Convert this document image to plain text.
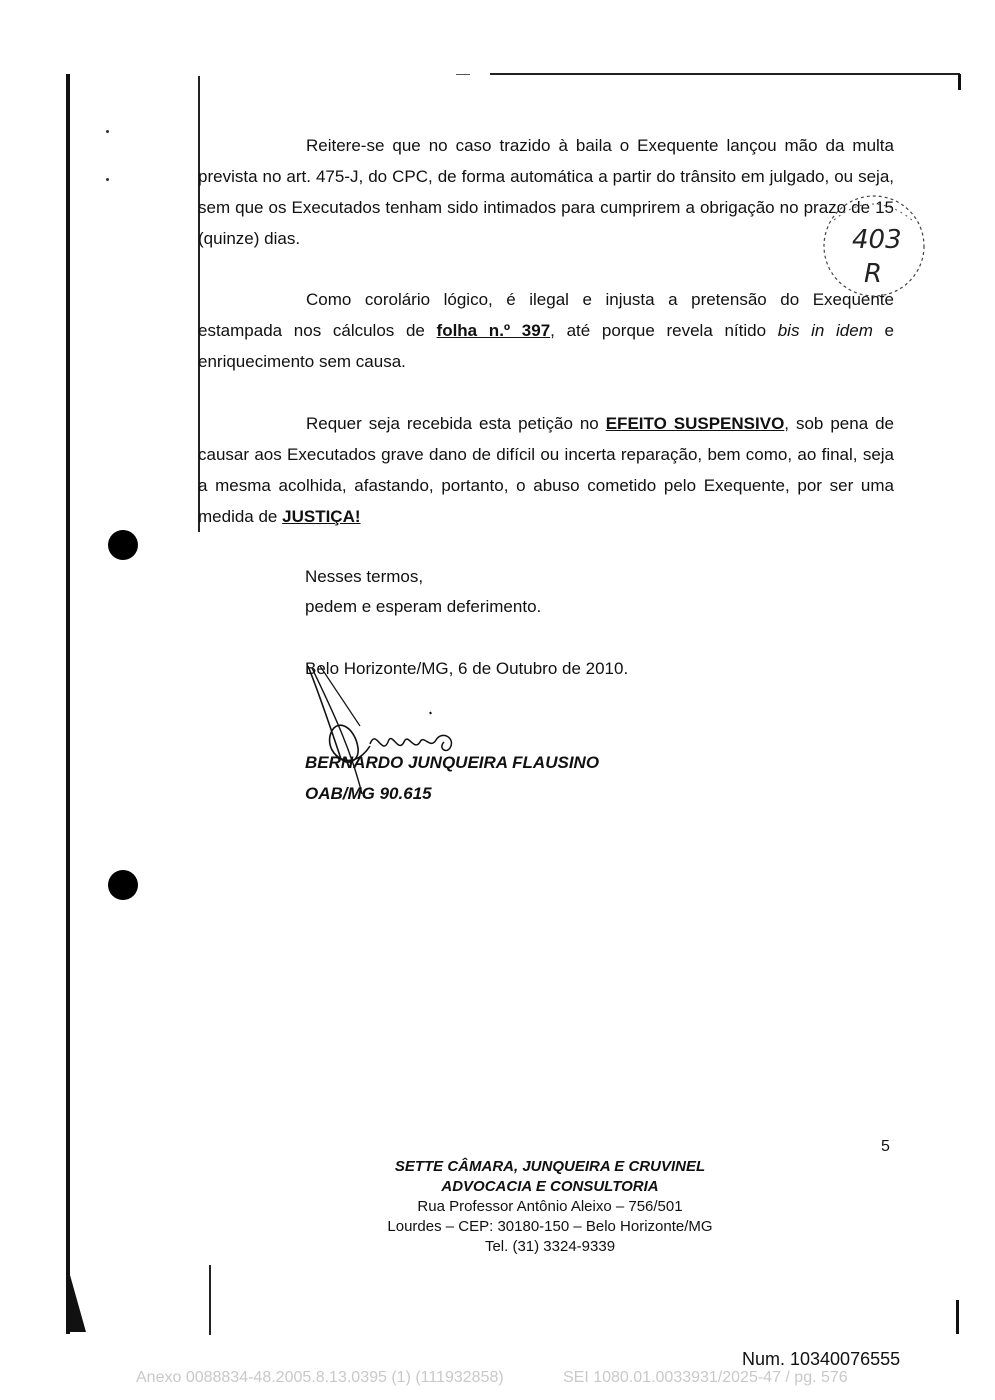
Reitere-se que no caso trazido à baila o Exequente lançou mão da multa prevista no art. 475-J, do CPC, de forma automática a partir do trânsito em julgado, ou seja, sem que os Executados tenham sido intimados para cumprirem a obrigação no prazo de 15 (quinze) dias.	403
R

Como corolário lógico, é ilegal e injusta a pretensão do Exequente estampada nos cálculos de folha n.º 397, até porque revela nítido bis in idem e enriquecimento sem causa.

Requer seja recebida esta petição no EFEITO SUSPENSIVO, sob pena de causar aos Executados grave dano de difícil ou incerta reparação, bem como, ao final, seja a mesma acolhida, afastando, portanto, o abuso cometido pelo Exequente, por ser uma medida de JUSTIÇA!

Nesses termos,
pedem e esperam deferimento.
Belo Horizonte/MG, 6 de Outubro de 2010.
BERNARDO JUNQUEIRA FLAUSINO
OAB/MG 90.615
5
SETTE CÂMARA, JUNQUEIRA E CRUVINEL
ADVOCACIA E CONSULTORIA
Rua Professor Antônio Aleixo – 756/501
Lourdes – CEP: 30180-150 – Belo Horizonte/MG
Tel. (31) 3324-9339
Num. 10340076555
Anexo 0088834-48.2005.8.13.0395 (1) (111932858)	SEI 1080.01.0033931/2025-47 / pg. 576
